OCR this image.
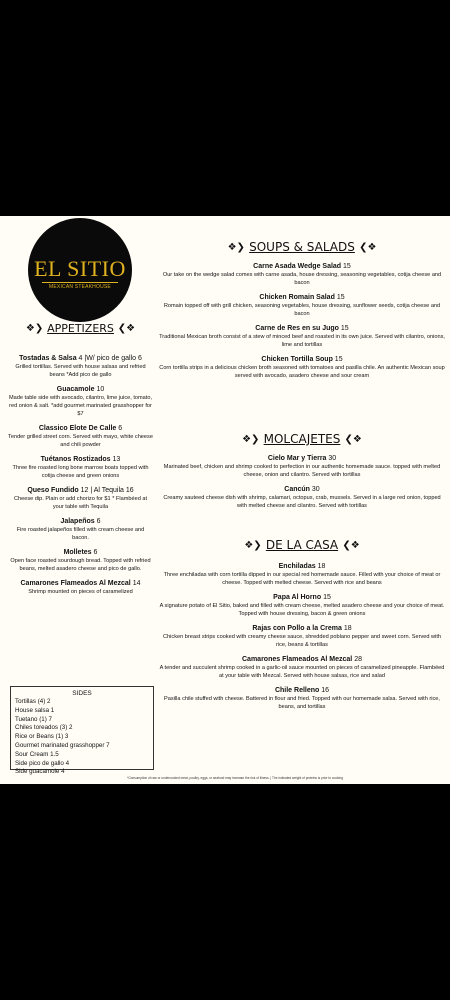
EL SITIO
MEXICAN STEAKHOUSE
❖❯ APPETIZERS ❮❖
Tostadas & Salsa 4 |W/ pico de gallo 6
Grilled tortillas. Served with house salsas and refried beans *Add pico de gallo
Guacamole 10
Made table side with avocado, cilantro, lime juice, tomato, red onion & salt. *add gourmet marinated grasshopper for $7
Classico Elote De Calle 6
Tender grilled street corn. Served with mayo, white cheese and chili powder
Tuétanos Rostizados 13
Three fire roasted long bone marrow boats topped with cotija cheese and green onions
Queso Fundido 12 | Al Tequila 16
Cheese dip. Plain or add chorizo for $1 * Flambéed at your table with Tequila
Jalapeños 6
Fire roasted jalapeños filled with cream cheese and bacon.
Molletes 6
Open face roasted sourdough bread. Topped with refried beans, melted asadero cheese and pico de gallo.
Camarones Flameados Al Mezcal 14
Shrimp mounted on pieces of caramelized
SIDES
Tortillas (4) 2
House salsa 1
Tuetano (1) 7
Chiles toreados (3) 2
Rice or Beans (1) 3
Gourmet marinated grasshopper 7
Sour Cream 1.5
Side pico de gallo 4
Side guacamole 4
❖❯ SOUPS & SALADS ❮❖
Carne Asada Wedge Salad 15
Our take on the wedge salad comes with carne asada, house dressing, seasoning vegetables, cotija cheese and bacon
Chicken Romain Salad 15
Romain topped off with grill chicken, seasoning vegetables, house dressing, sunflower seeds, cotija cheese and bacon
Carne de Res en su Jugo 15
Traditional Mexican broth consist of a stew of minced beef and roasted in its own juice. Served with cilantro, onions, lime and tortillas
Chicken Tortilla Soup 15
Corn tortilla strips in a delicious chicken broth seasoned with tomatoes and pasilla chile. An authentic Mexican soup served with avocado, asadero cheese and sour cream
❖❯ MOLCAJETES ❮❖
Cielo Mar y Tierra 30
Marinated beef, chicken and shrimp cooked to perfection in our authentic homemade sauce. topped with melted cheese, onion and cilantro. Served with tortillas
Cancún 30
Creamy sauteed cheese dish with shrimp, calamari, octopus, crab, mussels. Served in a large red onion, topped with melted cheese and cilantro. Served with tortillas
❖❯ DE LA CASA ❮❖
Enchiladas 18
Three enchiladas with corn tortilla dipped in our special red homemade sauce. Filled with your choice of meat or cheese. Topped with melted cheese. Served with rice and beans
Papa Al Horno 15
A signature potato of El Sitio, baked and filled with cream cheese, melted asadero cheese and your choice of meat. Topped with house dressing, bacon & green onions
Rajas con Pollo a la Crema 18
Chicken breast strips cooked with creamy cheese sauce, shredded poblano pepper and sweet corn. Served with rice, beans & tortillas
Camarones Flameados Al Mezcal 28
A tender and succulent shrimp cooked in a garlic-oil sauce mounted on pieces of caramelized pineapple. Flambéed at your table with Mezcal. Served with house salsas, rice and salad
Chile Relleno 16
Pasilla chile stuffed with cheese. Battered in flour and fried. Topped with our homemade salsa. Served with rice, beans, and tortillas
*Consumption of raw or undercooked meat, poultry, eggs, or seafood may increase the risk of illness. | The indicated weight of proteins is prior to cooking
